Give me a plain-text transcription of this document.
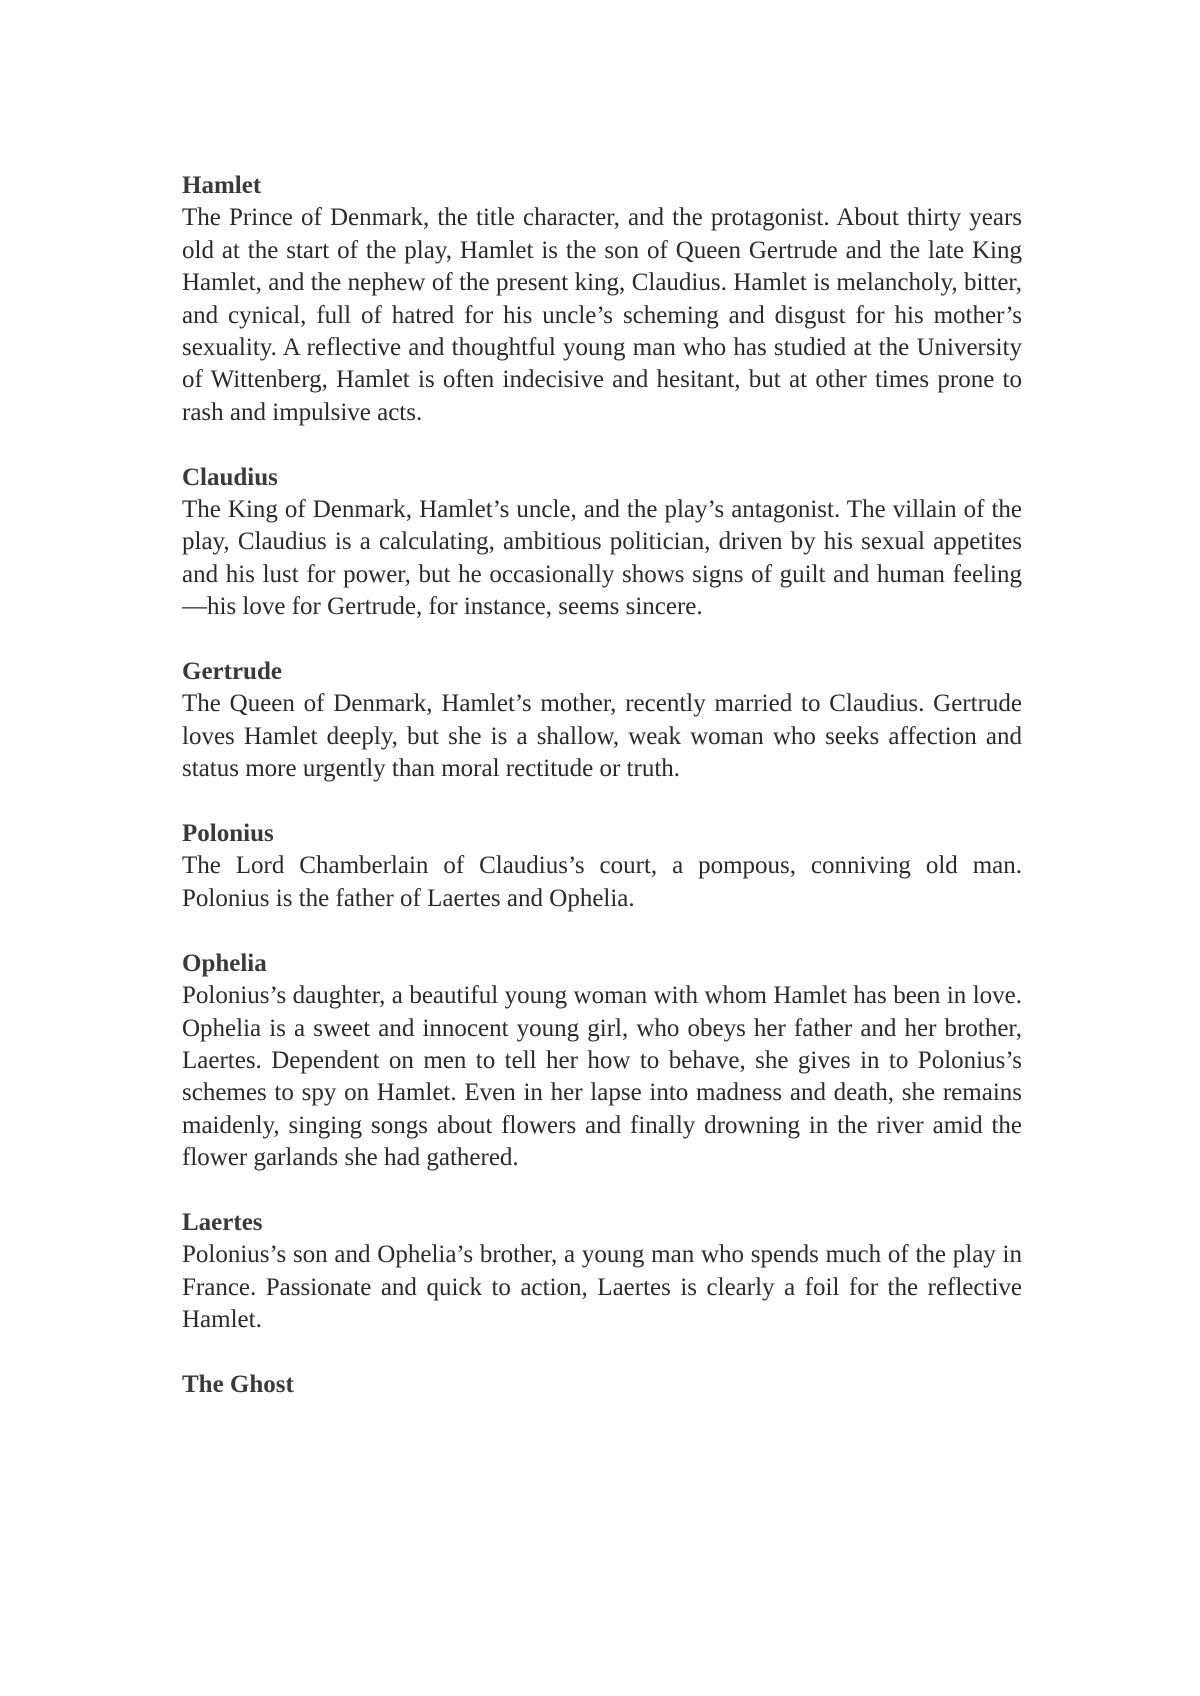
Hamlet

The Prince of Denmark, the title character, and the protagonist. About thirty years old at the start of the play, Hamlet is the son of Queen Gertrude and the late King Hamlet, and the nephew of the present king, Claudius. Hamlet is melancholy, bitter, and cynical, full of hatred for his uncle’s scheming and disgust for his mother’s sexuality. A reflective and thoughtful young man who has studied at the University of Wittenberg, Hamlet is often indecisive and hesitant, but at other times prone to rash and impulsive acts.

Claudius

The King of Denmark, Hamlet’s uncle, and the play’s antagonist. The villain of the play, Claudius is a calculating, ambitious politician, driven by his sexual appetites and his lust for power, but he occasionally shows signs of guilt and human feeling—his love for Gertrude, for instance, seems sincere.

Gertrude

The Queen of Denmark, Hamlet’s mother, recently married to Claudius. Gertrude loves Hamlet deeply, but she is a shallow, weak woman who seeks affection and status more urgently than moral rectitude or truth.

Polonius

The Lord Chamberlain of Claudius’s court, a pompous, conniving old man. Polonius is the father of Laertes and Ophelia.

Ophelia

Polonius’s daughter, a beautiful young woman with whom Hamlet has been in love. Ophelia is a sweet and innocent young girl, who obeys her father and her brother, Laertes. Dependent on men to tell her how to behave, she gives in to Polonius’s schemes to spy on Hamlet. Even in her lapse into madness and death, she remains maidenly, singing songs about flowers and finally drowning in the river amid the flower garlands she had gathered.

Laertes

Polonius’s son and Ophelia’s brother, a young man who spends much of the play in France. Passionate and quick to action, Laertes is clearly a foil for the reflective Hamlet.

The Ghost
